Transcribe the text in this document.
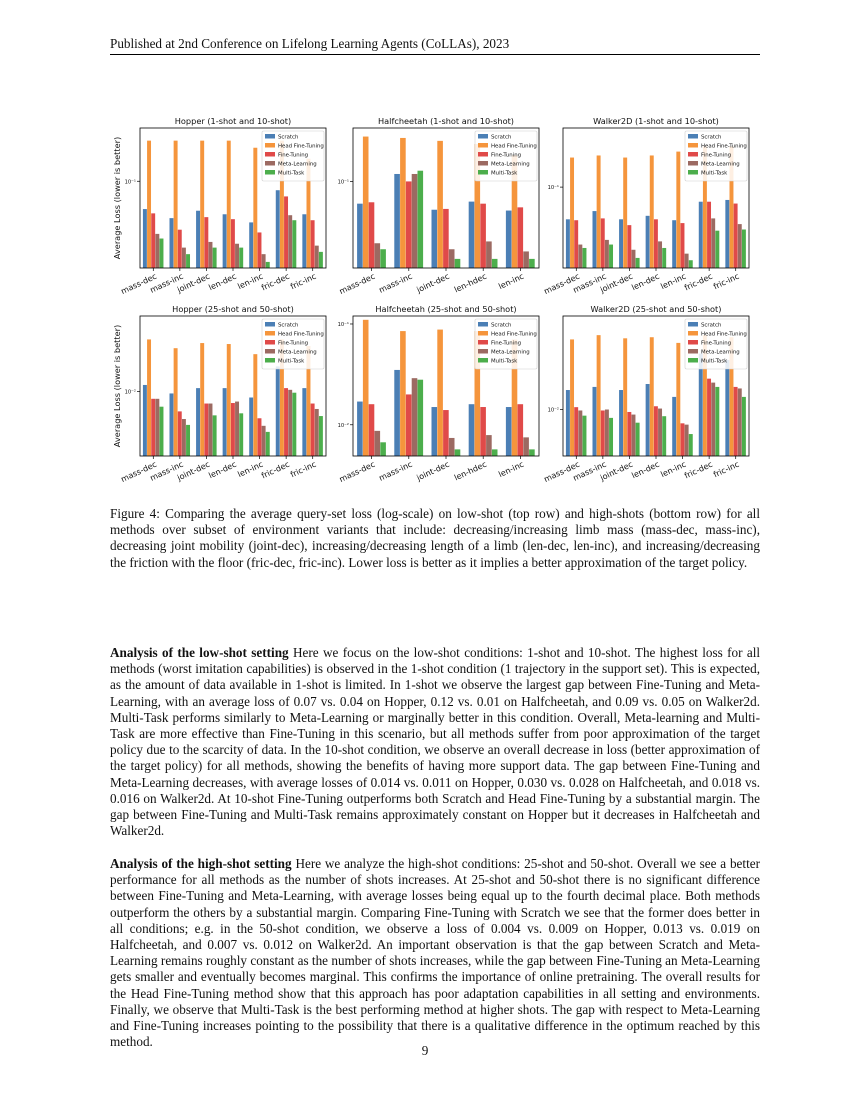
Published at 2nd Conference on Lifelong Learning Agents (CoLLAs), 2023
Average Loss (lower is better)
Hopper (1-shot and 10-shot)
10⁻¹
mass-dec
mass-inc
joint-dec
len-dec
len-inc
fric-dec
fric-inc
Scratch
Head Fine-Tuning
Fine-Tuning
Meta-Learning
Multi-Task
Halfcheetah (1-shot and 10-shot)
10⁻¹
mass-dec mass-inc joint-dec len-hdec len-inc
Scratch
Head Fine-Tuning
Fine-Tuning
Meta-Learning
Multi-Task
Walker2D (1-shot and 10-shot)
10⁻¹
mass-dec
mass-inc
joint-dec
len-dec
len-inc
fric-dec
fric-inc
Scratch
Head Fine-Tuning
Fine-Tuning
Meta-Learning
Multi-Task
Average Loss (lower is better)
Hopper (25-shot and 50-shot)
10⁻²
mass-dec
mass-inc
joint-dec
len-dec
len-inc
fric-dec
fric-inc
Scratch
Head Fine-Tuning
Fine-Tuning
Meta-Learning
Multi-Task
Halfcheetah (25-shot and 50-shot)
10⁻¹
10⁻²
mass-dec mass-inc joint-dec len-hdec len-inc
Scratch
Head Fine-Tuning
Fine-Tuning
Meta-Learning
Multi-Task
Walker2D (25-shot and 50-shot)
10⁻²
mass-dec
mass-inc
joint-dec
len-dec
len-inc
fric-dec
fric-inc
Scratch
Head Fine-Tuning
Fine-Tuning
Meta-Learning
Multi-Task
Figure 4: Comparing the average query-set loss (log-scale) on low-shot (top row) and high-shots (bottom row) for all methods over subset of environment variants that include: decreasing/increasing limb mass (mass-dec, mass-inc), decreasing joint mobility (joint-dec), increasing/decreasing length of a limb (len-dec, len-inc), and increasing/decreasing the friction with the floor (fric-dec, fric-inc). Lower loss is better as it implies a better approximation of the target policy.
Analysis of the low-shot setting Here we focus on the low-shot conditions: 1-shot and 10-shot. The highest loss for all methods (worst imitation capabilities) is observed in the 1-shot condition (1 trajectory in the support set). This is expected, as the amount of data available in 1-shot is limited. In 1-shot we observe the largest gap between Fine-Tuning and Meta-Learning, with an average loss of 0.07 vs. 0.04 on Hopper, 0.12 vs. 0.01 on Halfcheetah, and 0.09 vs. 0.05 on Walker2d. Multi-Task performs similarly to Meta-Learning or marginally better in this condition. Overall, Meta-learning and Multi-Task are more effective than Fine-Tuning in this scenario, but all methods suffer from poor approximation of the target policy due to the scarcity of data. In the 10-shot condition, we observe an overall decrease in loss (better approximation of the target policy) for all methods, showing the benefits of having more support data. The gap between Fine-Tuning and Meta-Learning decreases, with average losses of 0.014 vs. 0.011 on Hopper, 0.030 vs. 0.028 on Halfcheetah, and 0.018 vs. 0.016 on Walker2d. At 10-shot Fine-Tuning outperforms both Scratch and Head Fine-Tuning by a substantial margin. The gap between Fine-Tuning and Multi-Task remains approximately constant on Hopper but it decreases in Halfcheetah and Walker2d.
Analysis of the high-shot setting Here we analyze the high-shot conditions: 25-shot and 50-shot. Overall we see a better performance for all methods as the number of shots increases. At 25-shot and 50-shot there is no significant difference between Fine-Tuning and Meta-Learning, with average losses being equal up to the fourth decimal place. Both methods outperform the others by a substantial margin. Comparing Fine-Tuning with Scratch we see that the former does better in all conditions; e.g. in the 50-shot condition, we observe a loss of 0.004 vs. 0.009 on Hopper, 0.013 vs. 0.019 on Halfcheetah, and 0.007 vs. 0.012 on Walker2d. An important observation is that the gap between Scratch and Meta-Learning remains roughly constant as the number of shots increases, while the gap between Fine-Tuning an Meta-Learning gets smaller and eventually becomes marginal. This confirms the importance of online pretraining. The overall results for the Head Fine-Tuning method show that this approach has poor adaptation capabilities in all setting and environments. Finally, we observe that Multi-Task is the best performing method at higher shots. The gap with respect to Meta-Learning and Fine-Tuning increases pointing to the possibility that there is a qualitative difference in the optimum reached by this method.
9
